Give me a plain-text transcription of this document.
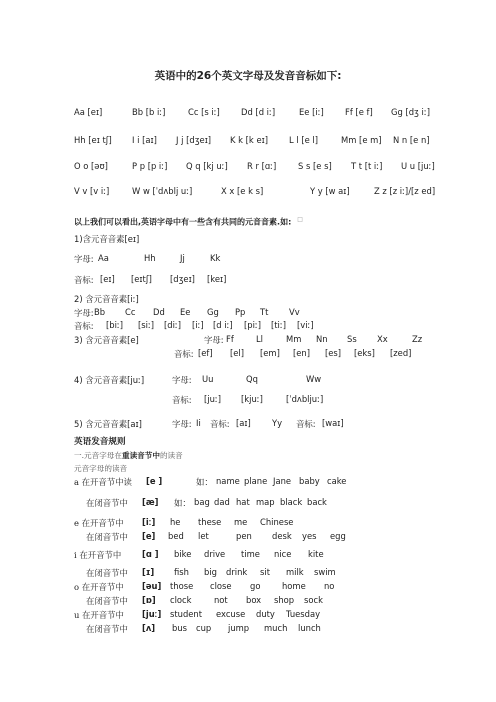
英语中的26个英文字母及发音音标如下:
Aa [eɪ]	Bb [b iː]	Cc [s iː]	Dd [d iː]	Ee [iː]	Ff [e f] Gg [dʒ iː]
Hh [eɪ tʃ] I i [aɪ] J j [dʒeɪ] K k [k eɪ]	L l [e l]	Mm [e m] N n [e n]
O o [əʊ]	P p [p iː] Q q [kj uː] R r [ɑː]	S s [e s] T t [t iː] U u [juː]
V v [v iː]	W w [ˈdʌblj uː]	X x [e k s]	Y y [w aɪ]	Z z [z iː]/[z ed]
以上我们可以看出,英语字母中有一些含有共同的元音音素.如: □
1)含元音音素[eɪ]
字母: Aa	Hh	Jj	Kk
音标: [eɪ] [eɪtʃ] [dʒeɪ] [keɪ]
2) 含元音音素[iː]
字母: Bb Cc Dd Ee Gg Pp Tt Vv
音标: [biː] [siː] [diː] [iː] [d iː] [piː] [tiː] [viː]
3) 含元音音素[e]	字母: Ff	Ll	Mm Nn Ss Xx	Zz
音标: [ef] [el] [em] [en] [es] [eks] [zed]
4) 含元音音素[juː]	字母: Uu	Qq	Ww
音标: [juː] [kjuː]	[ˈdʌbljuː]
5) 含元音音素[aɪ]	字母: Ii 音标: [aɪ]	Yy 音标: [waɪ]
英语发音规则
一.元音字母在重读音节中的读音
元音字母的读音
a 在开音节中读 [e ]	如： name plane Jane baby cake
在闭音节中 [æ] 如： bag dad hat map black back
e 在开音节中 [iː] he these me Chinese
在闭音节中 [e] bed let	pen desk yes egg
i 在开音节中 [ɑ ] bike drive time nice kite
在闭音节中 [ɪ] fish big drink sit milk swim
o 在开音节中 [əu] those close go	home no
在闭音节中 [ɒ] clock	not box shop sock
u 在开音节中 [juː] student excuse duty Tuesday
在闭音节中 [ʌ] bus cup jump much lunch
